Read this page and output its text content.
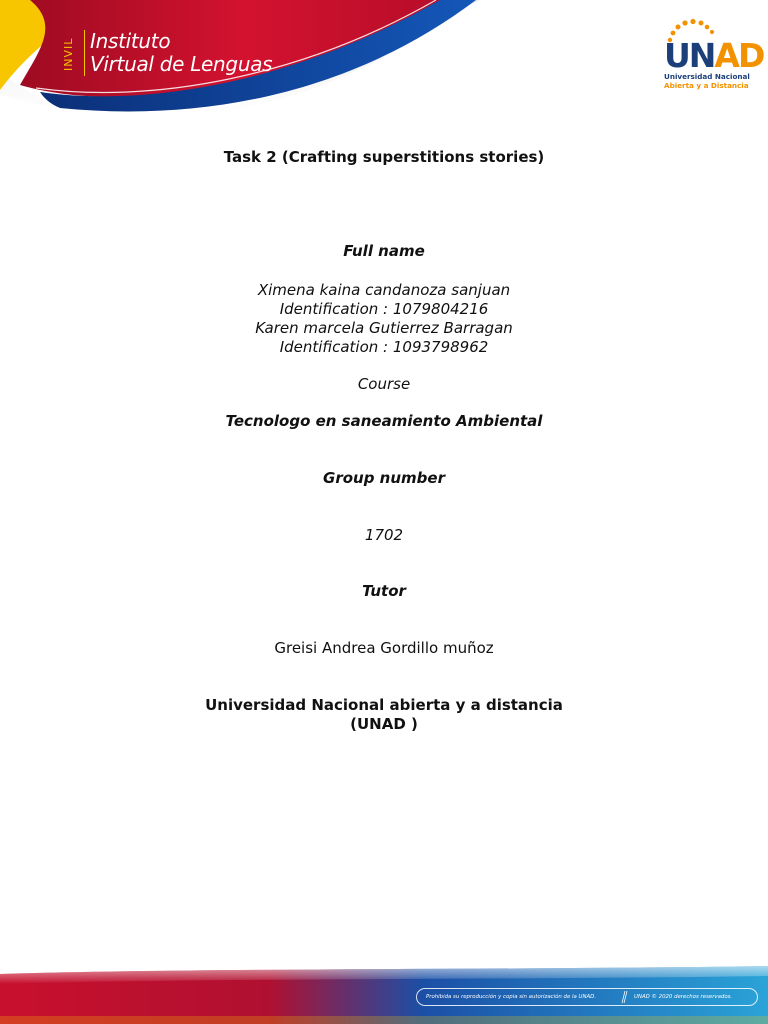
INVIL Instituto
Virtual de Lenguas	UNAD
Universidad Nacional
Abierta y a Distancia
Task 2 (Crafting superstitions stories)
Full name
Ximena kaina candanoza sanjuan
Identification : 1079804216
Karen marcela Gutierrez Barragan
Identification : 1093798962
Course
Tecnologo en saneamiento Ambiental
Group number
1702
Tutor
Greisi Andrea Gordillo muñoz
Universidad Nacional abierta y a distancia
(UNAD )
Prohibida su reproducción y copia sin autorización de la UNAD.	UNAD © 2020 derechos reservados.
